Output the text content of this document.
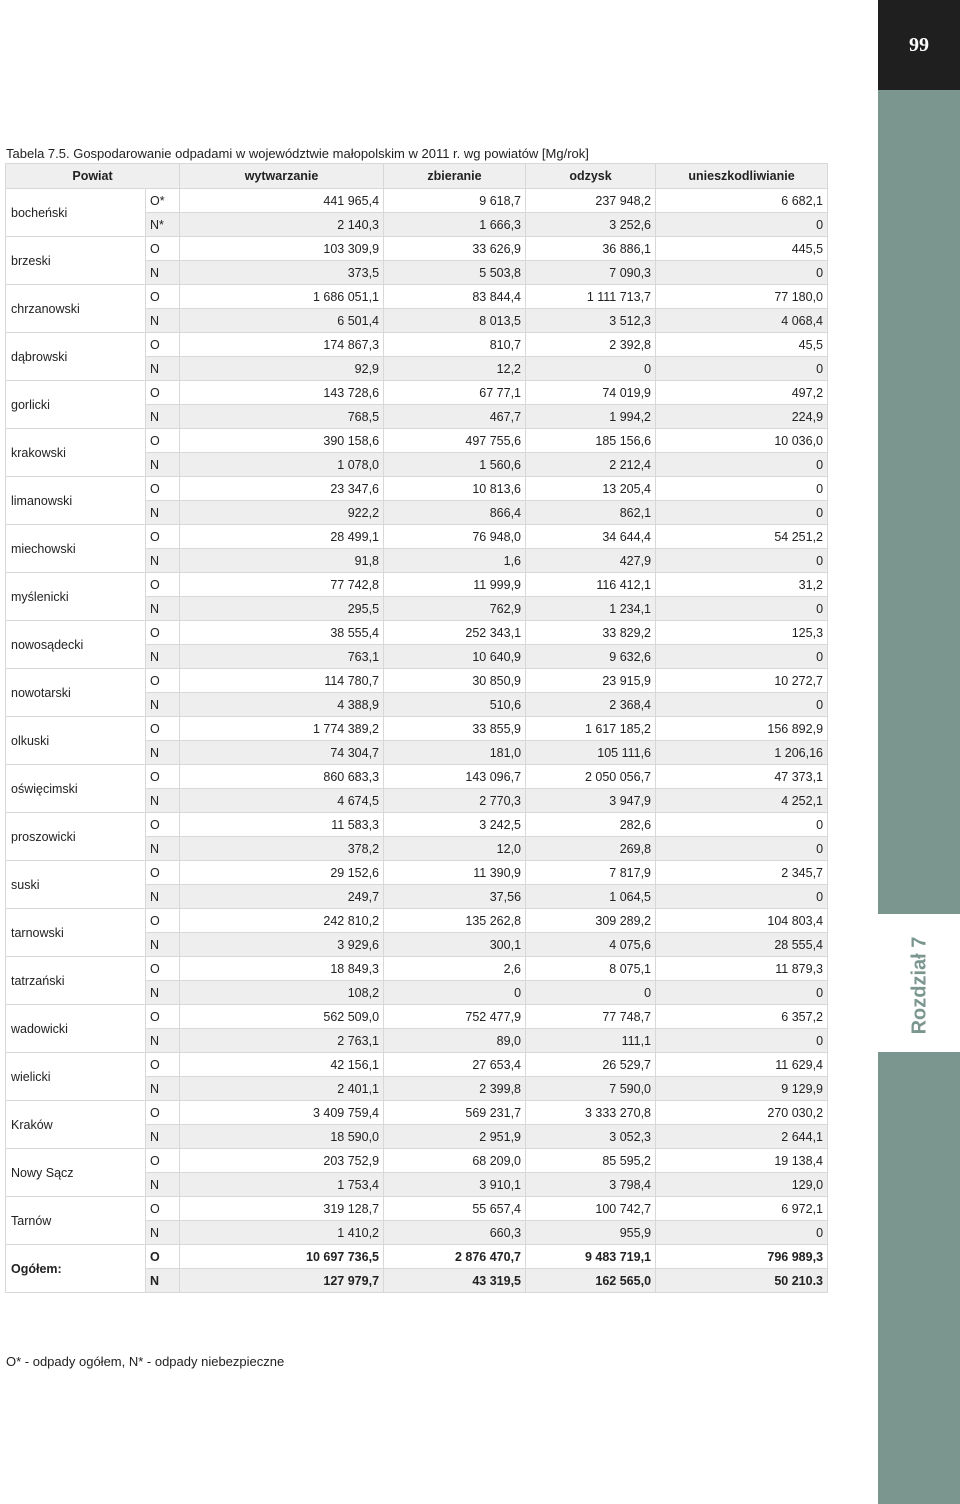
99
Rozdział 7
Tabela 7.5. Gospodarowanie odpadami w województwie małopolskim w 2011 r. wg powiatów [Mg/rok]
Powiat		wytwarzanie	zbieranie	odzysk	unieszkodliwianie
bocheński	O*	441 965,4	9 618,7	237 948,2	6 682,1
	N*	2 140,3	1 666,3	3 252,6	0
brzeski	O	103 309,9	33 626,9	36 886,1	445,5
	N	373,5	5 503,8	7 090,3	0
chrzanowski	O	1 686 051,1	83 844,4	1 111 713,7	77 180,0
	N	6 501,4	8 013,5	3 512,3	4 068,4
dąbrowski	O	174 867,3	810,7	2 392,8	45,5
	N	92,9	12,2	0	0
gorlicki	O	143 728,6	67 77,1	74 019,9	497,2
	N	768,5	467,7	1 994,2	224,9
krakowski	O	390 158,6	497 755,6	185 156,6	10 036,0
	N	1 078,0	1 560,6	2 212,4	0
limanowski	O	23 347,6	10 813,6	13 205,4	0
	N	922,2	866,4	862,1	0
miechowski	O	28 499,1	76 948,0	34 644,4	54 251,2
	N	91,8	1,6	427,9	0
myślenicki	O	77 742,8	11 999,9	116 412,1	31,2
	N	295,5	762,9	1 234,1	0
nowosądecki	O	38 555,4	252 343,1	33 829,2	125,3
	N	763,1	10 640,9	9 632,6	0
nowotarski	O	114 780,7	30 850,9	23 915,9	10 272,7
	N	4 388,9	510,6	2 368,4	0
olkuski	O	1 774 389,2	33 855,9	1 617 185,2	156 892,9
	N	74 304,7	181,0	105 111,6	1 206,16
oświęcimski	O	860 683,3	143 096,7	2 050 056,7	47 373,1
	N	4 674,5	2 770,3	3 947,9	4 252,1
proszowicki	O	11 583,3	3 242,5	282,6	0
	N	378,2	12,0	269,8	0
suski	O	29 152,6	11 390,9	7 817,9	2 345,7
	N	249,7	37,56	1 064,5	0
tarnowski	O	242 810,2	135 262,8	309 289,2	104 803,4
	N	3 929,6	300,1	4 075,6	28 555,4
tatrzański	O	18 849,3	2,6	8 075,1	11 879,3
	N	108,2	0	0	0
wadowicki	O	562 509,0	752 477,9	77 748,7	6 357,2
	N	2 763,1	89,0	111,1	0
wielicki	O	42 156,1	27 653,4	26 529,7	11 629,4
	N	2 401,1	2 399,8	7 590,0	9 129,9
Kraków	O	3 409 759,4	569 231,7	3 333 270,8	270 030,2
	N	18 590,0	2 951,9	3 052,3	2 644,1
Nowy Sącz	O	203 752,9	68 209,0	85 595,2	19 138,4
	N	1 753,4	3 910,1	3 798,4	129,0
Tarnów	O	319 128,7	55 657,4	100 742,7	6 972,1
	N	1 410,2	660,3	955,9	0
Ogółem:	O	10 697 736,5	2 876 470,7	9 483 719,1	796 989,3
	N	127 979,7	43 319,5	162 565,0	50 210.3
O* - odpady ogółem, N* - odpady niebezpieczne
